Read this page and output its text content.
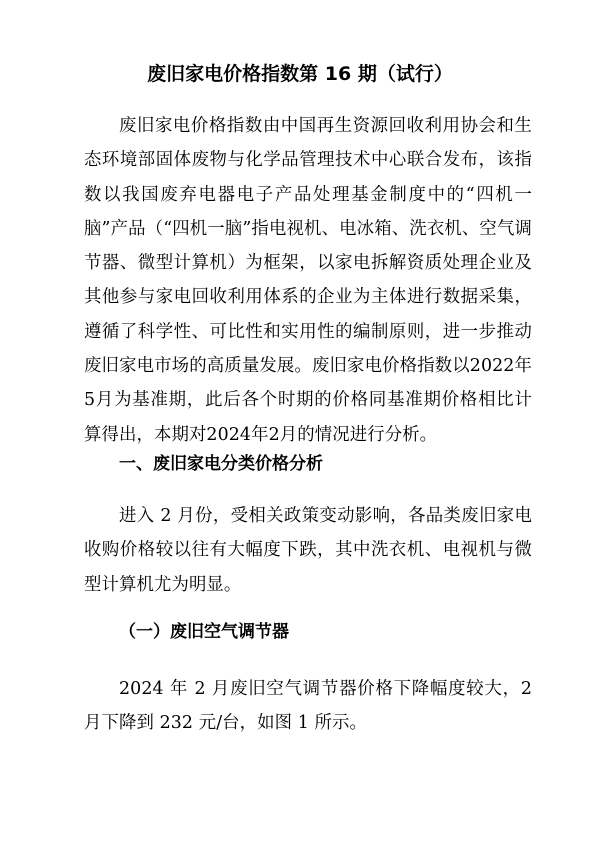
废旧家电价格指数第 16 期（试行）

废旧家电价格指数由中国再生资源回收利用协会和生态环境部固体废物与化学品管理技术中心联合发布，该指数以我国废弃电器电子产品处理基金制度中的“四机一脑”产品（“四机一脑”指电视机、电冰箱、洗衣机、空气调节器、微型计算机）为框架，以家电拆解资质处理企业及其他参与家电回收利用体系的企业为主体进行数据采集，遵循了科学性、可比性和实用性的编制原则，进一步推动废旧家电市场的高质量发展。废旧家电价格指数以2022年5月为基准期，此后各个时期的价格同基准期价格相比计算得出，本期对2024年2月的情况进行分析。

一、废旧家电分类价格分析

进入 2 月份，受相关政策变动影响，各品类废旧家电收购价格较以往有大幅度下跌，其中洗衣机、电视机与微型计算机尤为明显。

（一）废旧空气调节器

2024 年 2 月废旧空气调节器价格下降幅度较大，2 月下降到 232 元/台，如图 1 所示。
